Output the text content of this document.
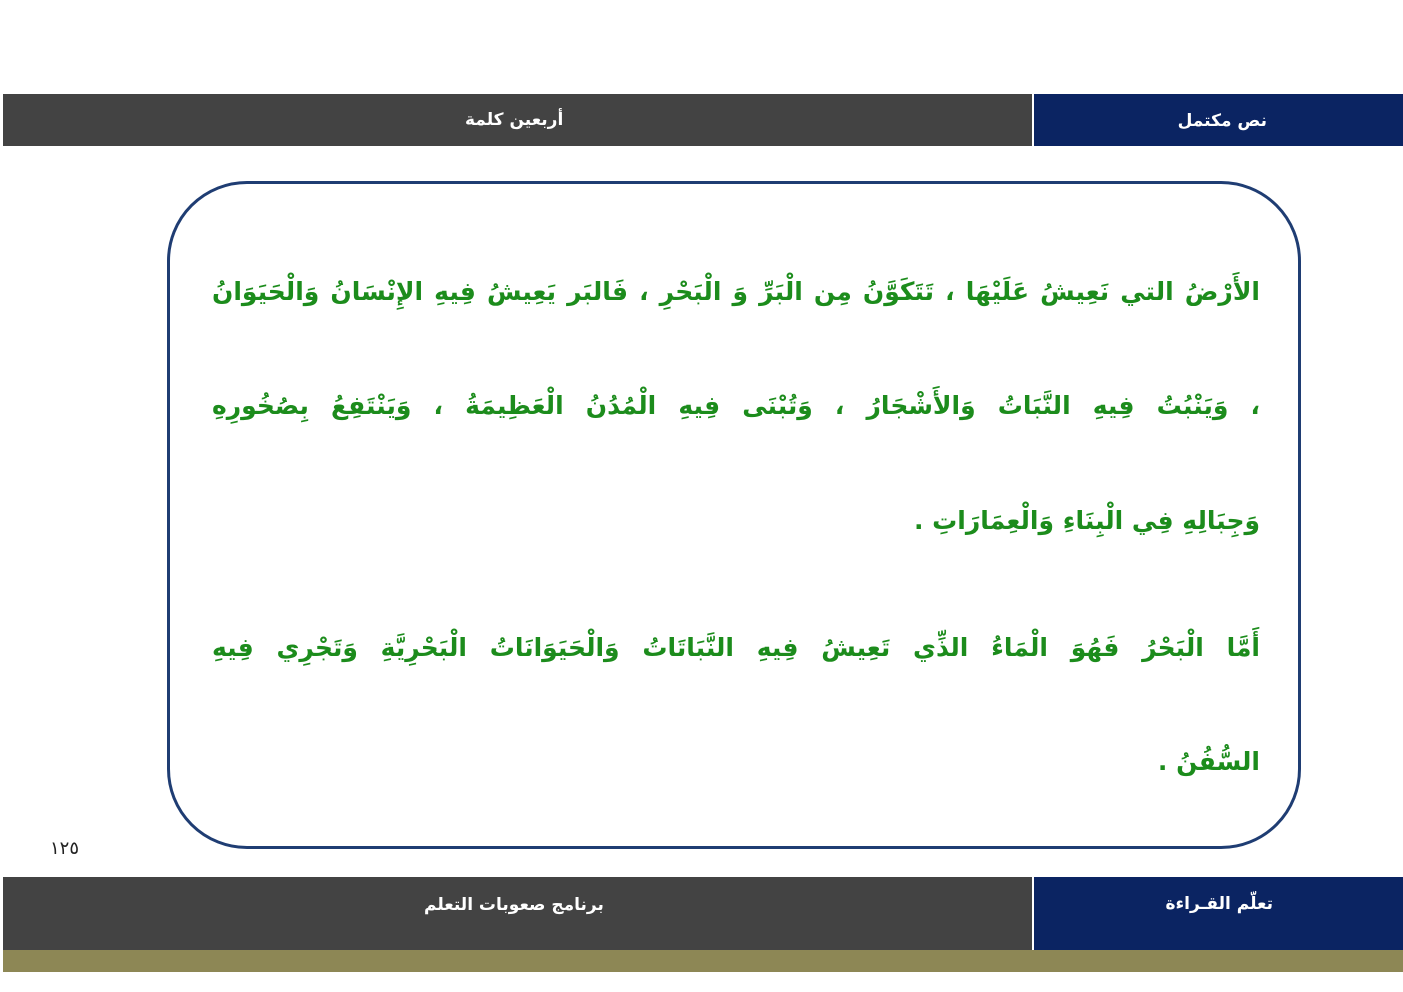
أربعين كلمة	نص مكتمل
الأَرْضُ التي نَعِيشُ عَلَيْهَا ، تَتَكَوَّنُ مِن الْبَرِّ وَ الْبَحْرِ ، فَالبَر يَعِيشُ فِيهِ الإِنْسَانُ وَالْحَيَوَانُ
، وَيَنْبُتُ فِيهِ النَّبَاتُ وَالأَشْجَارُ ، وَتُبْنَى فِيهِ الْمُدُنُ الْعَظِيمَةُ ، وَيَنْتَفِعُ بِصُخُورِهِ
وَجِبَالِهِ فِي الْبِنَاءِ وَالْعِمَارَاتِ .
أَمَّا الْبَحْرُ فَهُوَ الْمَاءُ الذِّي تَعِيشُ فِيهِ النَّبَاتَاتُ وَالْحَيَوَانَاتُ الْبَحْرِيَّةِ وَتَجْرِي فِيهِ
السُّفُنُ .
١٢٥
برنامج صعوبات التعلم	تعلّم القـراءة
